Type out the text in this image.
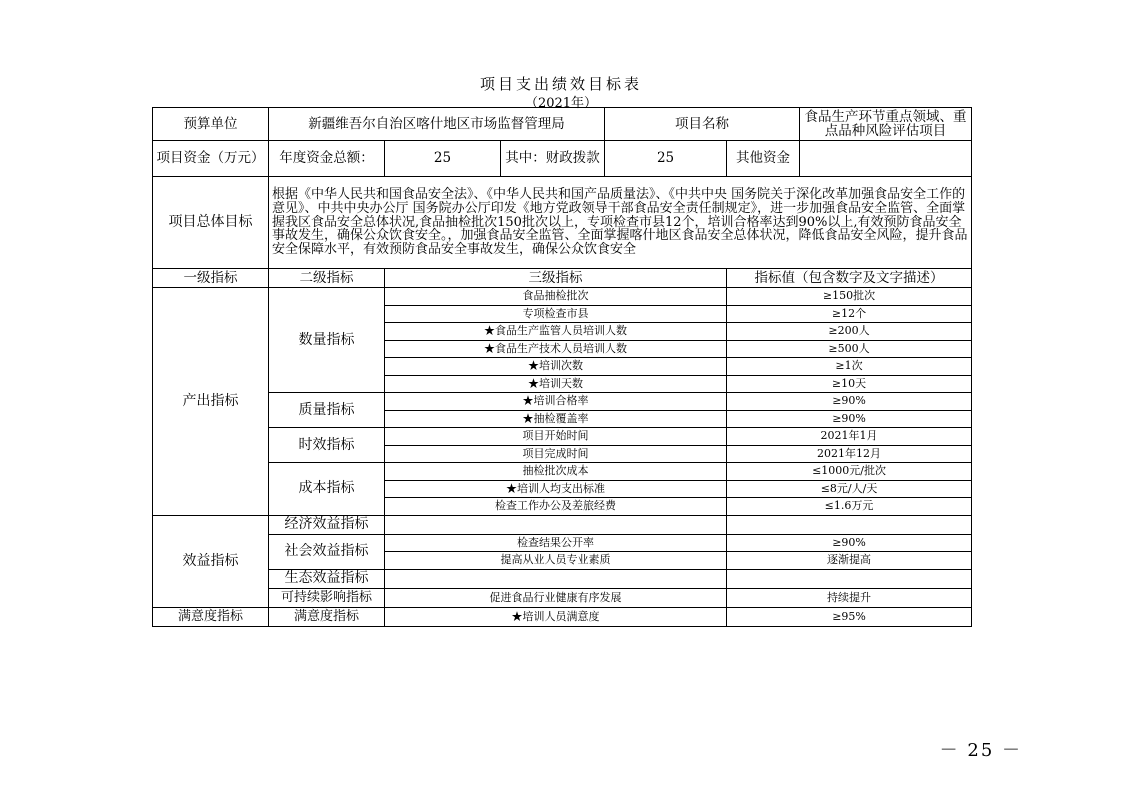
项目支出绩效目标表
（2021年）
预算单位	新疆维吾尔自治区喀什地区市场监督管理局			项目名称		食品生产环节重点领域、重点品种风险评估项目
项目资金（万元）	年度资金总额：	25	其中：财政拨款	25	其他资金	
项目总体目标	根据《中华人民共和国食品安全法》、《中华人民共和国产品质量法》、《中共中央 国务院关于深化改革加强食品安全工作的意见》、中共中央办公厅 国务院办公厅印发《地方党政领导干部食品安全责任制规定》，进一步加强食品安全监管、全面掌握我区食品安全总体状况,食品抽检批次150批次以上，专项检查市县12个，培训合格率达到90%以上,有效预防食品安全事故发生，确保公众饮食安全。，加强食品安全监管、全面掌握喀什地区食品安全总体状况，降低食品安全风险，提升食品安全保障水平，有效预防食品安全事故发生，确保公众饮食安全					
一级指标	二级指标	三级指标			指标值（包含数字及文字描述）	
产出指标	数量指标	食品抽检批次			≥150批次	
		专项检查市县			≥12个	
		★食品生产监管人员培训人数			≥200人	
		★食品生产技术人员培训人数			≥500人	
		★培训次数			≥1次	
		★培训天数			≥10天	
	质量指标	★培训合格率			≥90%	
		★抽检覆盖率			≥90%	
	时效指标	项目开始时间			2021年1月	
		项目完成时间			2021年12月	
	成本指标	抽检批次成本			≤1000元/批次	
		★培训人均支出标准			≤8元/人/天	
		检查工作办公及差旅经费			≤1.6万元	
效益指标	经济效益指标					
	社会效益指标	检查结果公开率			≥90%	
		提高从业人员专业素质			逐渐提高	
	生态效益指标					
	可持续影响指标	促进食品行业健康有序发展			持续提升	
满意度指标	满意度指标	★培训人员满意度			≥95%	
－ 25 －
